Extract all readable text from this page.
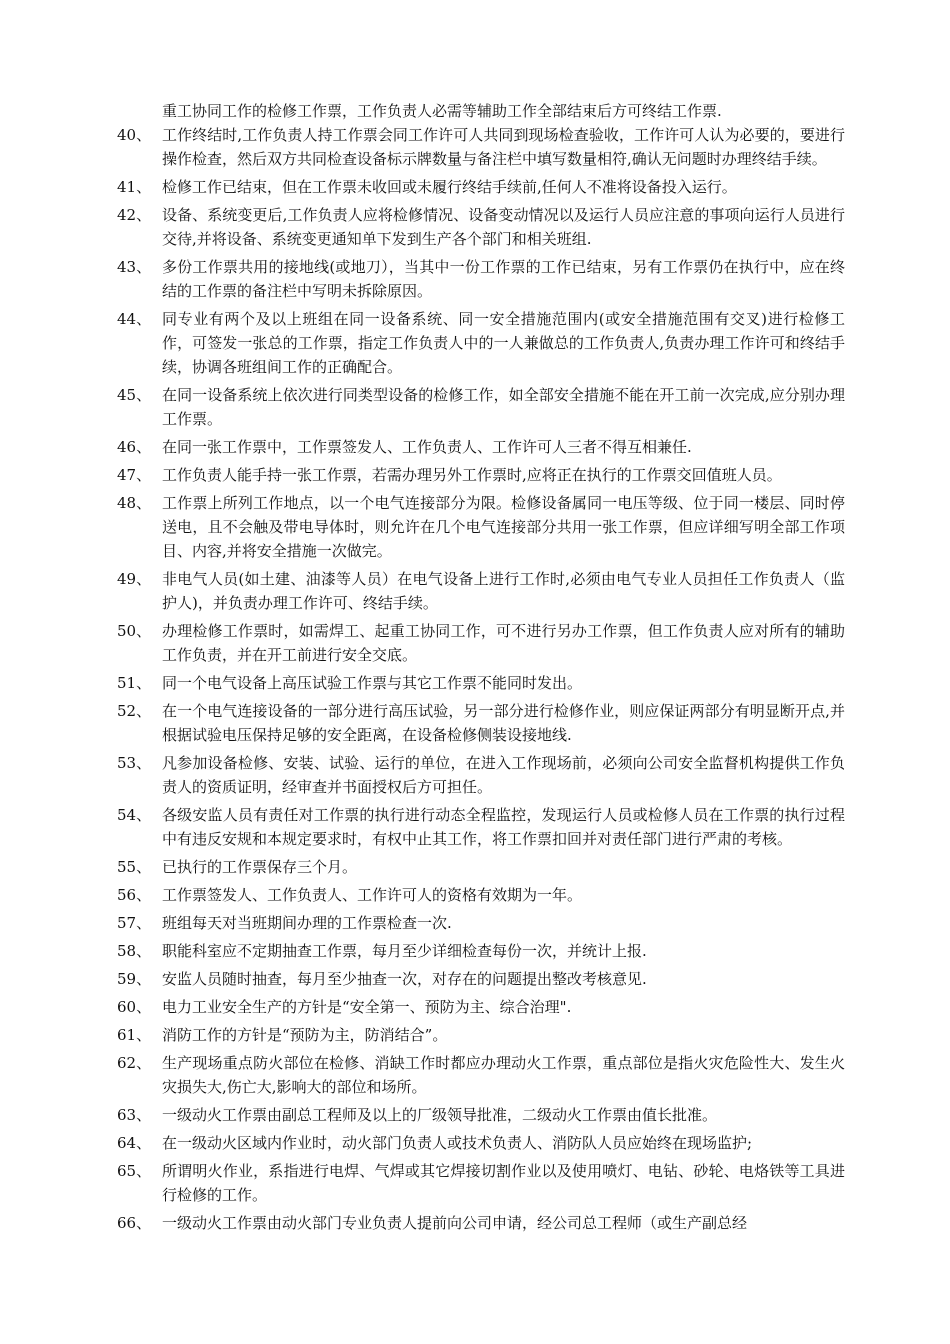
重工协同工作的检修工作票，工作负责人必需等辅助工作全部结束后方可终结工作票.
40、 工作终结时,工作负责人持工作票会同工作许可人共同到现场检查验收，工作许可人认为必要的，要进行操作检查，然后双方共同检查设备标示牌数量与备注栏中填写数量相符,确认无问题时办理终结手续。
41、 检修工作已结束，但在工作票未收回或未履行终结手续前,任何人不准将设备投入运行。
42、 设备、系统变更后,工作负责人应将检修情况、设备变动情况以及运行人员应注意的事项向运行人员进行交待,并将设备、系统变更通知单下发到生产各个部门和相关班组.
43、 多份工作票共用的接地线(或地刀），当其中一份工作票的工作已结束，另有工作票仍在执行中，应在终结的工作票的备注栏中写明未拆除原因。
44、 同专业有两个及以上班组在同一设备系统、同一安全措施范围内(或安全措施范围有交叉)进行检修工作，可签发一张总的工作票，指定工作负责人中的一人兼做总的工作负责人,负责办理工作许可和终结手续，协调各班组间工作的正确配合。
45、 在同一设备系统上依次进行同类型设备的检修工作，如全部安全措施不能在开工前一次完成,应分别办理工作票。
46、 在同一张工作票中，工作票签发人、工作负责人、工作许可人三者不得互相兼任.
47、 工作负责人能手持一张工作票，若需办理另外工作票时,应将正在执行的工作票交回值班人员。
48、 工作票上所列工作地点，以一个电气连接部分为限。检修设备属同一电压等级、位于同一楼层、同时停送电，且不会触及带电导体时，则允许在几个电气连接部分共用一张工作票，但应详细写明全部工作项目、内容,并将安全措施一次做完。
49、 非电气人员(如土建、油漆等人员）在电气设备上进行工作时,必须由电气专业人员担任工作负责人（监护人)，并负责办理工作许可、终结手续。
50、 办理检修工作票时，如需焊工、起重工协同工作，可不进行另办工作票，但工作负责人应对所有的辅助工作负责，并在开工前进行安全交底。
51、 同一个电气设备上高压试验工作票与其它工作票不能同时发出。
52、 在一个电气连接设备的一部分进行高压试验，另一部分进行检修作业，则应保证两部分有明显断开点,并根据试验电压保持足够的安全距离，在设备检修侧装设接地线.
53、 凡参加设备检修、安装、试验、运行的单位，在进入工作现场前，必须向公司安全监督机构提供工作负责人的资质证明，经审查并书面授权后方可担任。
54、 各级安监人员有责任对工作票的执行进行动态全程监控，发现运行人员或检修人员在工作票的执行过程中有违反安规和本规定要求时，有权中止其工作，将工作票扣回并对责任部门进行严肃的考核。
55、 已执行的工作票保存三个月。
56、 工作票签发人、工作负责人、工作许可人的资格有效期为一年。
57、 班组每天对当班期间办理的工作票检查一次.
58、 职能科室应不定期抽查工作票，每月至少详细检查每份一次，并统计上报.
59、 安监人员随时抽查，每月至少抽查一次，对存在的问题提出整改考核意见.
60、 电力工业安全生产的方针是“安全第一、预防为主、综合治理".
61、 消防工作的方针是“预防为主，防消结合”。
62、 生产现场重点防火部位在检修、消缺工作时都应办理动火工作票，重点部位是指火灾危险性大、发生火灾损失大,伤亡大,影响大的部位和场所。
63、 一级动火工作票由副总工程师及以上的厂级领导批准，二级动火工作票由值长批准。
64、 在一级动火区域内作业时，动火部门负责人或技术负责人、消防队人员应始终在现场监护;
65、 所谓明火作业，系指进行电焊、气焊或其它焊接切割作业以及使用喷灯、电钻、砂轮、电烙铁等工具进行检修的工作。
66、 一级动火工作票由动火部门专业负责人提前向公司申请，经公司总工程师（或生产副总经
